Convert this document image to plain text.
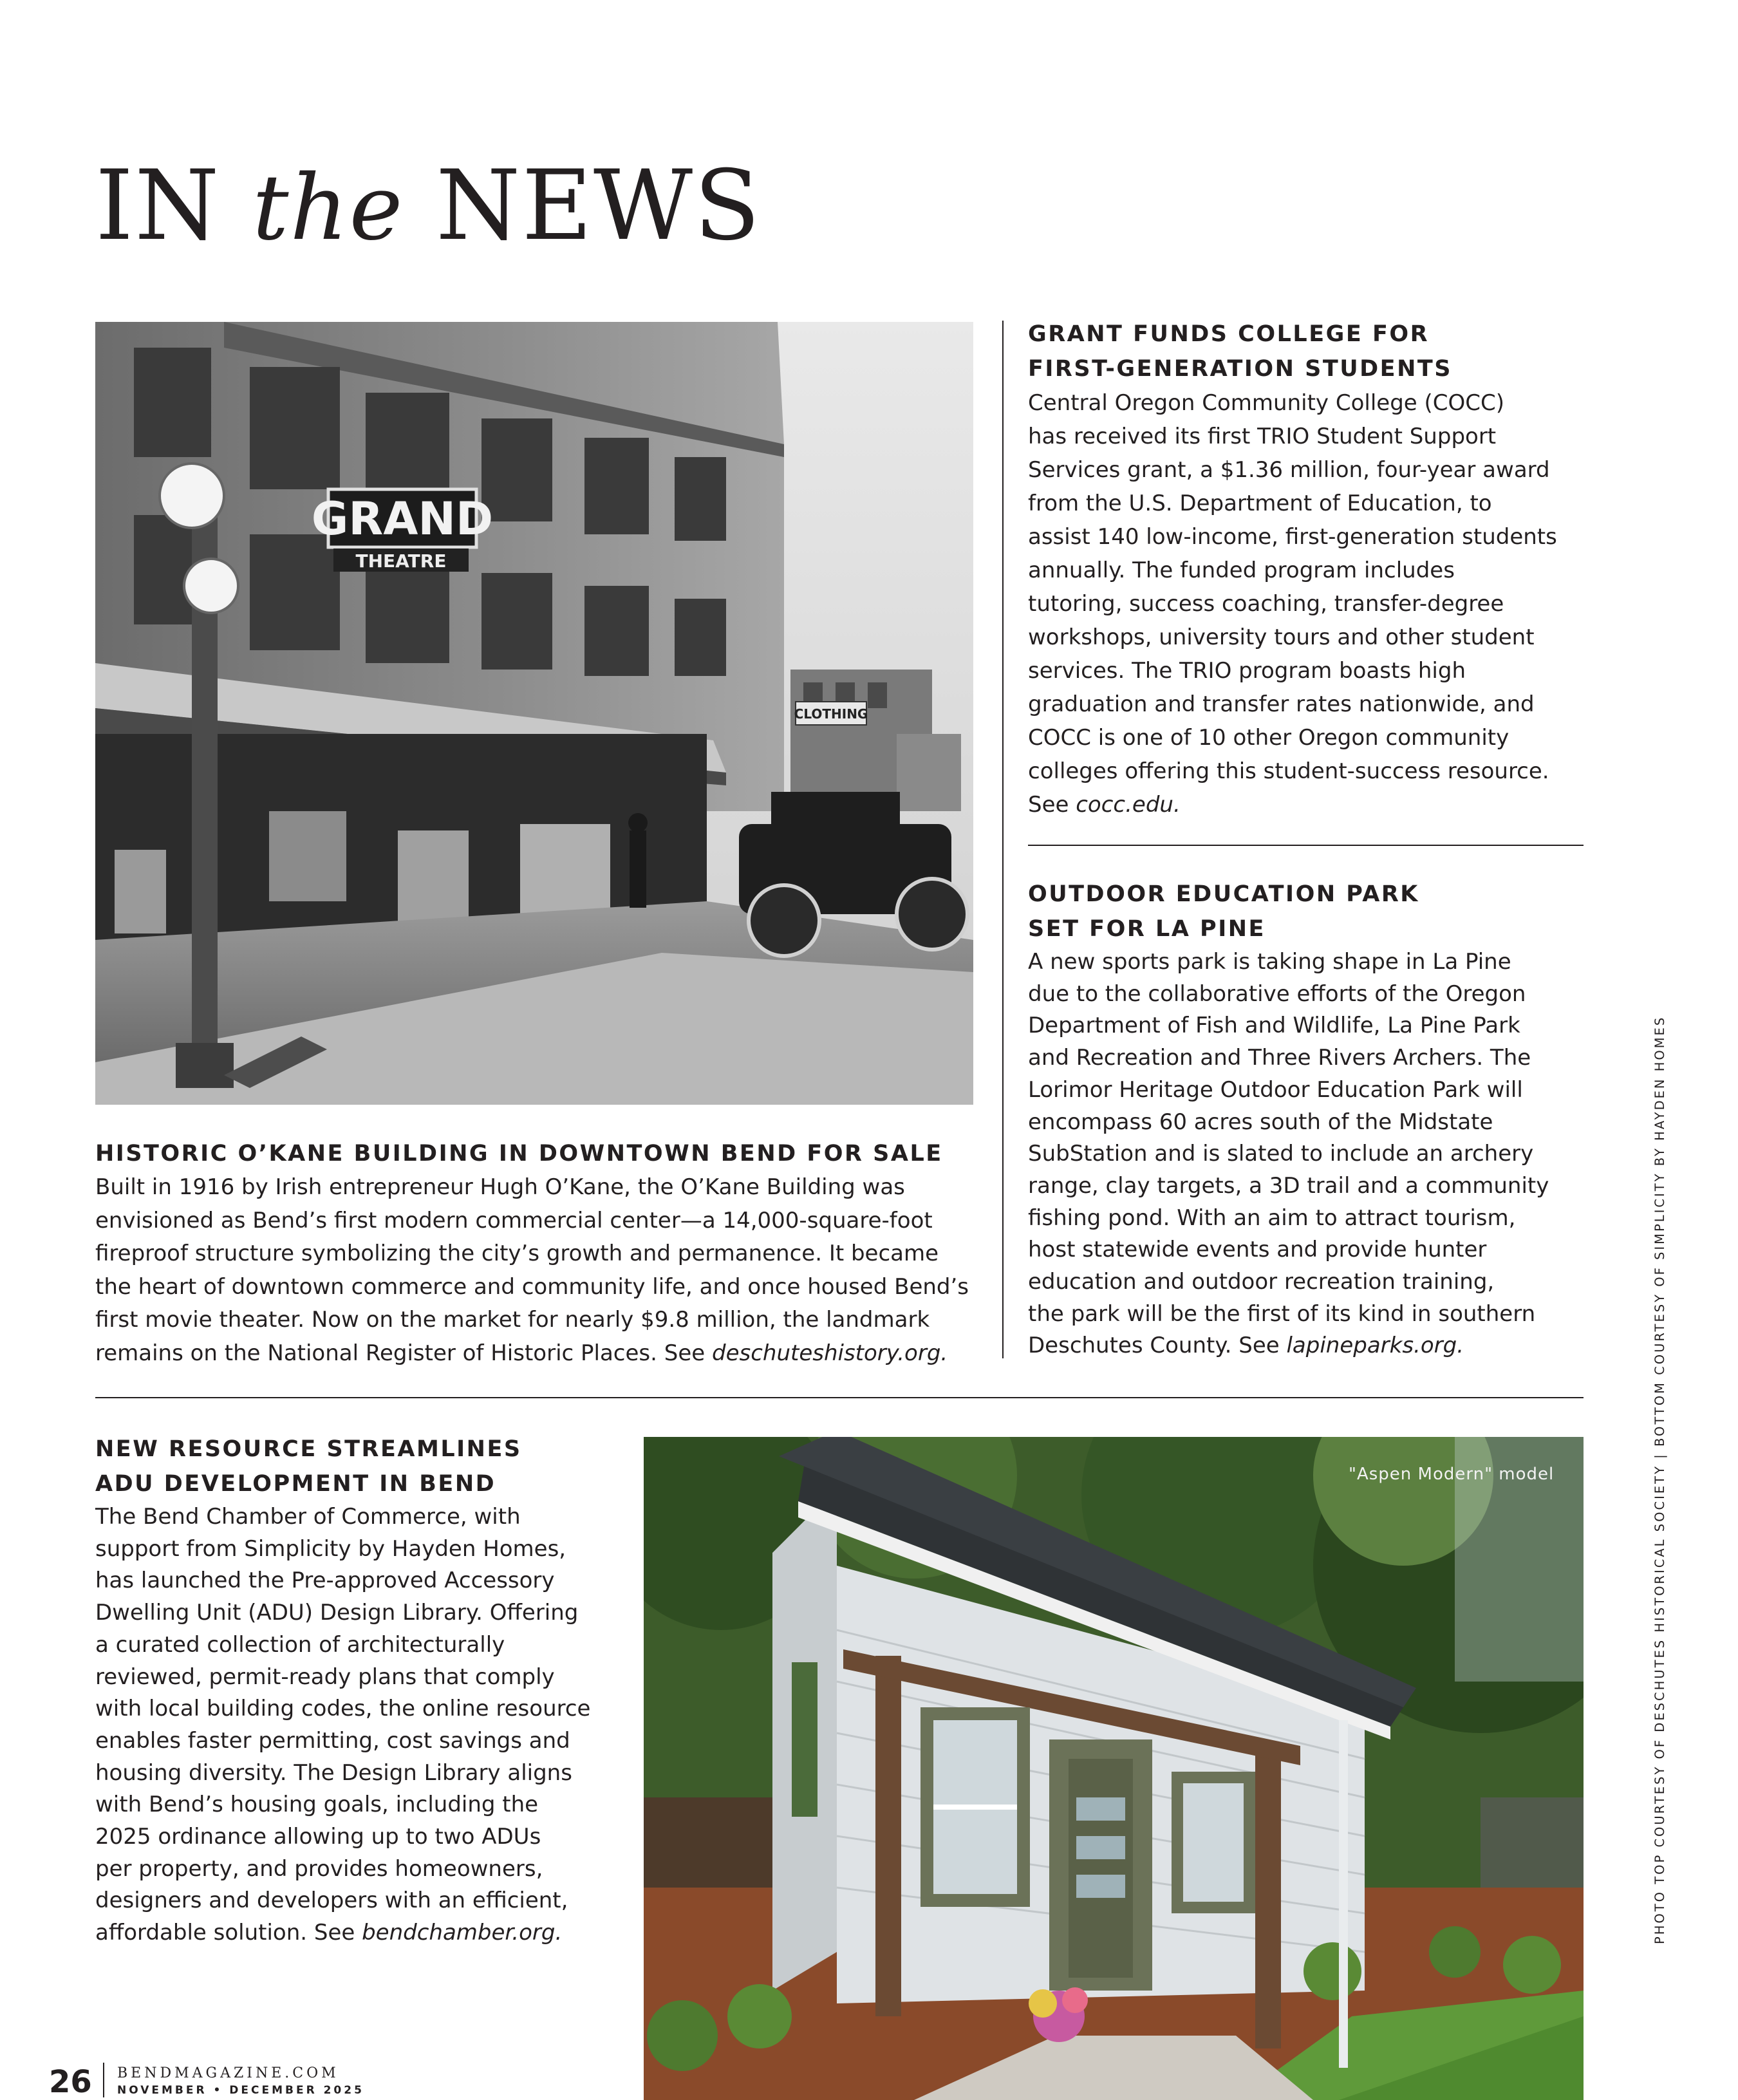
IN the NEWS
GRAND
THEATRE
CLOTHING

HISTORIC O’KANE BUILDING IN DOWNTOWN BEND FOR SALE

Built in 1916 by Irish entrepreneur Hugh O’Kane, the O’Kane Building was
envisioned as Bend’s first modern commercial center—a 14,000-square-foot
fireproof structure symbolizing the city’s growth and permanence. It became
the heart of downtown commerce and community life, and once housed Bend’s
first movie theater. Now on the market for nearly $9.8 million, the landmark
remains on the National Register of Historic Places. See deschuteshistory.org.

GRANT FUNDS COLLEGE FOR
FIRST-GENERATION STUDENTS

Central Oregon Community College (COCC)
has received its first TRIO Student Support
Services grant, a $1.36 million, four-year award
from the U.S. Department of Education, to
assist 140 low-income, first-generation students
annually. The funded program includes
tutoring, success coaching, transfer-degree
workshops, university tours and other student
services. The TRIO program boasts high
graduation and transfer rates nationwide, and
COCC is one of 10 other Oregon community
colleges offering this student-success resource.
See cocc.edu.

OUTDOOR EDUCATION PARK
SET FOR LA PINE

A new sports park is taking shape in La Pine
due to the collaborative efforts of the Oregon
Department of Fish and Wildlife, La Pine Park
and Recreation and Three Rivers Archers. The
Lorimor Heritage Outdoor Education Park will
encompass 60 acres south of the Midstate
SubStation and is slated to include an archery
range, clay targets, a 3D trail and a community
fishing pond. With an aim to attract tourism,
host statewide events and provide hunter
education and outdoor recreation training,
the park will be the first of its kind in southern
Deschutes County. See lapineparks.org.

NEW RESOURCE STREAMLINES
ADU DEVELOPMENT IN BEND

The Bend Chamber of Commerce, with
support from Simplicity by Hayden Homes,
has launched the Pre-approved Accessory
Dwelling Unit (ADU) Design Library. Offering
a curated collection of architecturally
reviewed, permit-ready plans that comply
with local building codes, the online resource
enables faster permitting, cost savings and
housing diversity. The Design Library aligns
with Bend’s housing goals, including the
2025 ordinance allowing up to two ADUs
per property, and provides homeowners,
designers and developers with an efficient,
affordable solution. See bendchamber.org.

"Aspen Modern" model	PHOTO TOP COURTESY OF DESCHUTES HISTORICAL SOCIETY | BOTTOM COURTESY OF SIMPLICITY BY HAYDEN HOMES
26 BENDMAGAZINE.COM
NOVEMBER • DECEMBER 2025
